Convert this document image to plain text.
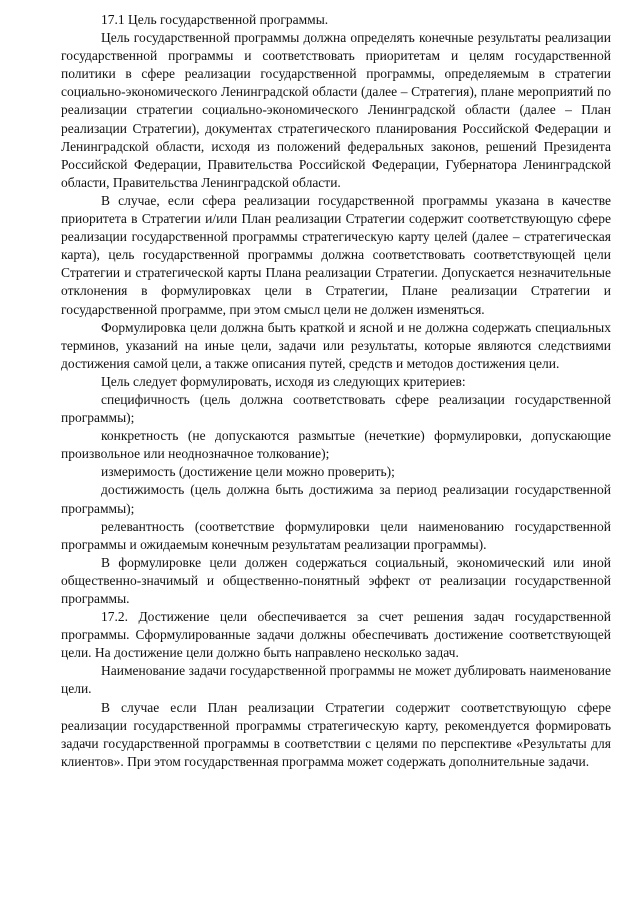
17.1 Цель государственной программы.

Цель государственной программы должна определять конечные результаты реализации государственной программы и соответствовать приоритетам и целям государственной политики в сфере реализации государственной программы, определяемым в стратегии социально-экономического Ленинградской области (далее – Стратегия), плане мероприятий по реализации стратегии социально-экономического Ленинградской области (далее – План реализации Стратегии), документах стратегического планирования Российской Федерации и Ленинградской области, исходя из положений федеральных законов, решений Президента Российской Федерации, Правительства Российской Федерации, Губернатора Ленинградской области, Правительства Ленинградской области.

В случае, если сфера реализации государственной программы указана в качестве приоритета в Стратегии и/или План реализации Стратегии содержит соответствующую сфере реализации государственной программы стратегическую карту целей (далее – стратегическая карта), цель государственной программы должна соответствовать соответствующей цели Стратегии и стратегической карты Плана реализации Стратегии. Допускается незначительные отклонения в формулировках цели в Стратегии, Плане реализации Стратегии и государственной программе, при этом смысл цели не должен изменяться.

Формулировка цели должна быть краткой и ясной и не должна содержать специальных терминов, указаний на иные цели, задачи или результаты, которые являются следствиями достижения самой цели, а также описания путей, средств и методов достижения цели.

Цель следует формулировать, исходя из следующих критериев:

специфичность (цель должна соответствовать сфере реализации государственной программы);

конкретность (не допускаются размытые (нечеткие) формулировки, допускающие произвольное или неоднозначное толкование);

измеримость (достижение цели можно проверить);

достижимость (цель должна быть достижима за период реализации государственной программы);

релевантность (соответствие формулировки цели наименованию государственной программы и ожидаемым конечным результатам реализации программы).

В формулировке цели должен содержаться социальный, экономический или иной общественно-значимый и общественно-понятный эффект от реализации государственной программы.

17.2. Достижение цели обеспечивается за счет решения задач государственной программы. Сформулированные задачи должны обеспечивать достижение соответствующей цели. На достижение цели должно быть направлено несколько задач.

Наименование задачи государственной программы не может дублировать наименование цели.

В случае если План реализации Стратегии содержит соответствующую сфере реализации государственной программы стратегическую карту, рекомендуется формировать задачи государственной программы в соответствии с целями по перспективе «Результаты для клиентов». При этом государственная программа может содержать дополнительные задачи.
